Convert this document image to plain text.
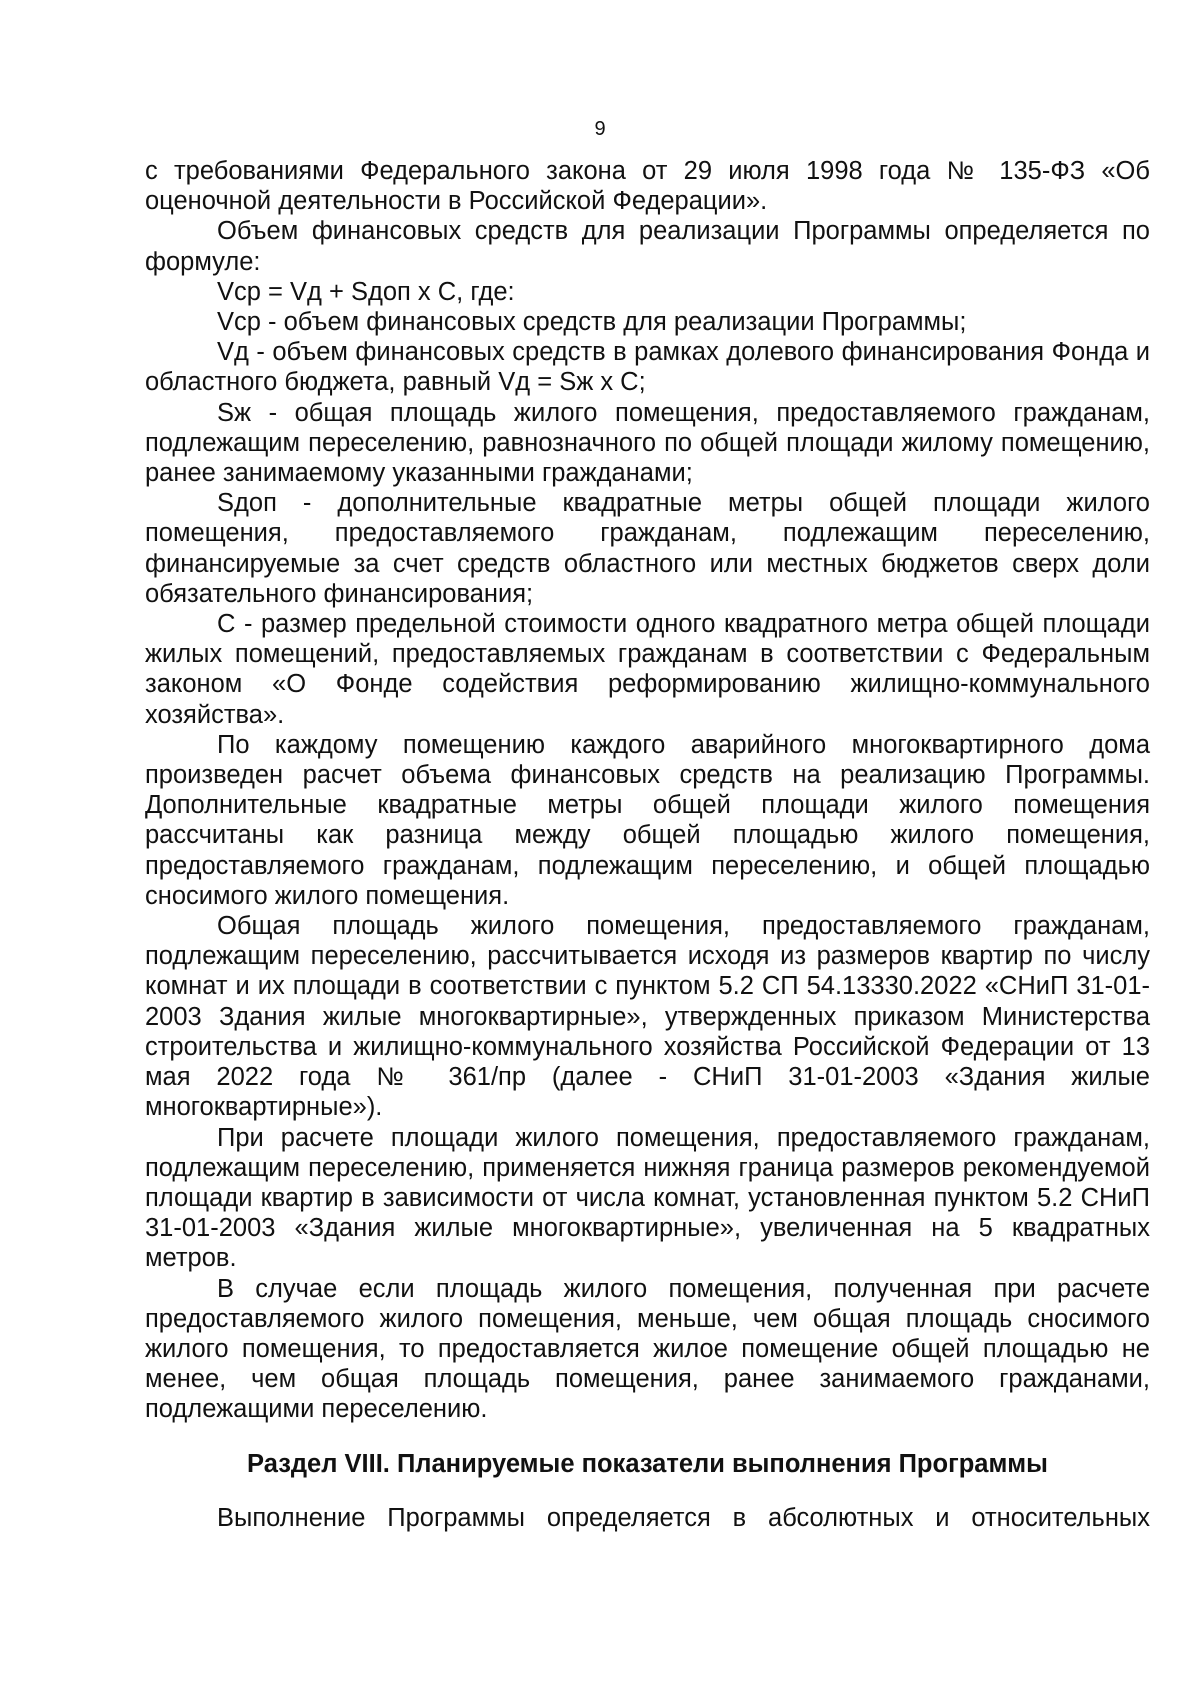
9

с требованиями Федерального закона от 29 июля 1998 года № 135-ФЗ «Об оценочной деятельности в Российской Федерации».

Объем финансовых средств для реализации Программы определяется по формуле:

Vср = Vд + Sдоп x С, где:

Vср - объем финансовых средств для реализации Программы;

Vд - объем финансовых средств в рамках долевого финансирования Фонда и областного бюджета, равный Vд = Sж x С;

Sж - общая площадь жилого помещения, предоставляемого гражданам, подлежащим переселению, равнозначного по общей площади жилому помещению, ранее занимаемому указанными гражданами;

Sдоп - дополнительные квадратные метры общей площади жилого помещения, предоставляемого гражданам, подлежащим переселению, финансируемые за счет средств областного или местных бюджетов сверх доли обязательного финансирования;

С - размер предельной стоимости одного квадратного метра общей площади жилых помещений, предоставляемых гражданам в соответствии с Федеральным законом «О Фонде содействия реформированию жилищно-коммунального хозяйства».

По каждому помещению каждого аварийного многоквартирного дома произведен расчет объема финансовых средств на реализацию Программы. Дополнительные квадратные метры общей площади жилого помещения рассчитаны как разница между общей площадью жилого помещения, предоставляемого гражданам, подлежащим переселению, и общей площадью сносимого жилого помещения.

Общая площадь жилого помещения, предоставляемого гражданам, подлежащим переселению, рассчитывается исходя из размеров квартир по числу комнат и их площади в соответствии с пунктом 5.2 СП 54.13330.2022 «СНиП 31-01-2003 Здания жилые многоквартирные», утвержденных приказом Министерства строительства и жилищно-коммунального хозяйства Российской Федерации от 13 мая 2022 года № 361/пр (далее - СНиП 31-01-2003 «Здания жилые многоквартирные»).

При расчете площади жилого помещения, предоставляемого гражданам, подлежащим переселению, применяется нижняя граница размеров рекомендуемой площади квартир в зависимости от числа комнат, установленная пунктом 5.2 СНиП 31-01-2003 «Здания жилые многоквартирные», увеличенная на 5 квадратных метров.

В случае если площадь жилого помещения, полученная при расчете предоставляемого жилого помещения, меньше, чем общая площадь сносимого жилого помещения, то предоставляется жилое помещение общей площадью не менее, чем общая площадь помещения, ранее занимаемого гражданами, подлежащими переселению.

Раздел VIII. Планируемые показатели выполнения Программы

Выполнение Программы определяется в абсолютных и относительных
